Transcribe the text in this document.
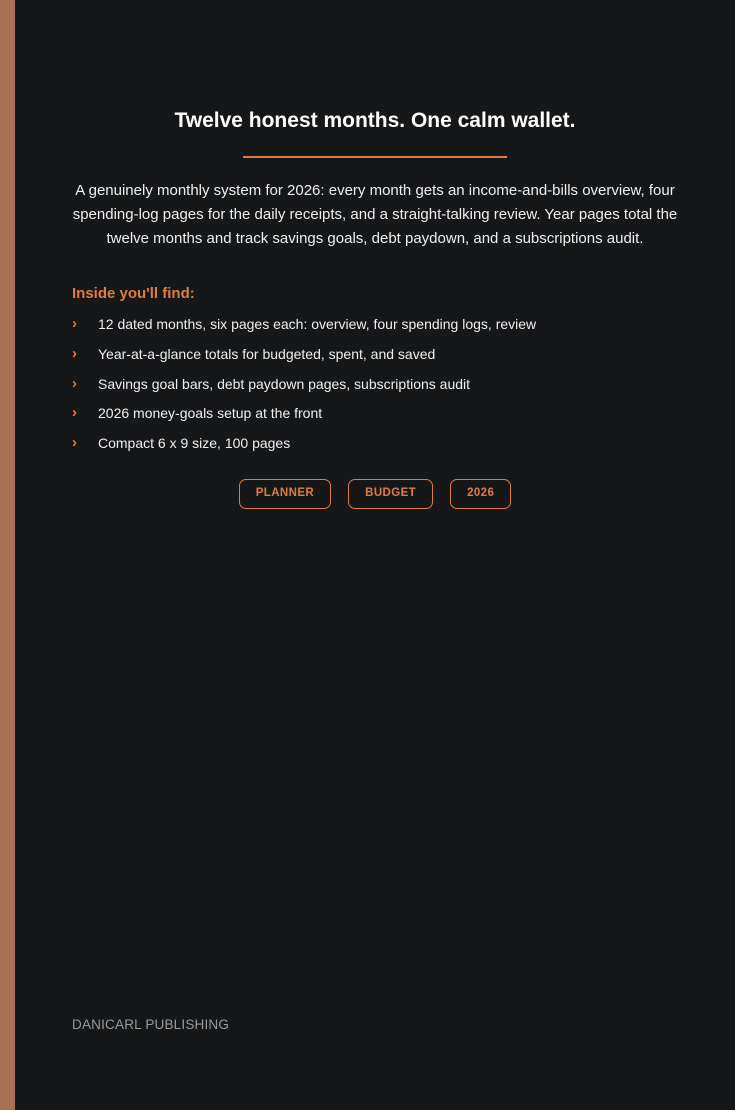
Twelve honest months. One calm wallet.

A genuinely monthly system for 2026: every month gets an income-and-bills overview, four spending-log pages for the daily receipts, and a straight-talking review. Year pages total the twelve months and track savings goals, debt paydown, and a subscriptions audit.

Inside you'll find:
› 12 dated months, six pages each: overview, four spending logs, review
› Year-at-a-glance totals for budgeted, spent, and saved
› Savings goal bars, debt paydown pages, subscriptions audit
› 2026 money-goals setup at the front
› Compact 6 x 9 size, 100 pages
PLANNER	BUDGET	2026

DANICARL PUBLISHING
